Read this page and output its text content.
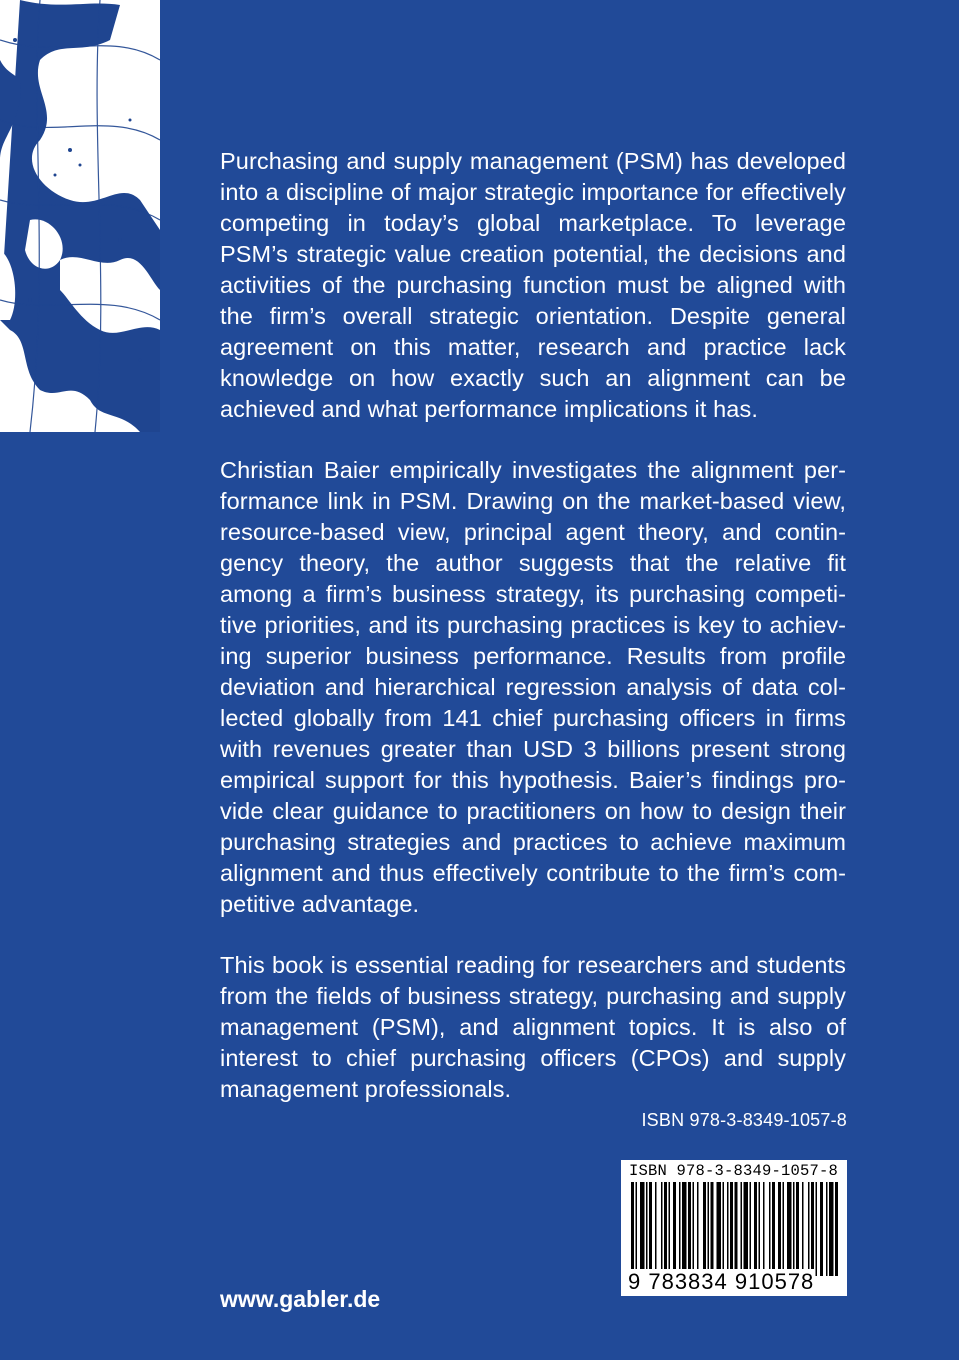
Purchasing and supply management (PSM) has developed into a discipline of major strategic importance for effectively competing in today’s global marketplace. To leverage PSM’s strategic value creation potential, the decisions and activities of the purchasing function must be aligned with the firm’s overall strategic orientation. Despite general agreement on this matter, research and practice lack knowledge on how exactly such an alignment can be achieved and what performance implications it has.

Christian Baier empirically investigates the alignment performance link in PSM. Drawing on the market-based view, resource-based view, principal agent theory, and contingency theory, the author suggests that the relative fit among a firm’s business strategy, its purchasing competitive priorities, and its purchasing practices is key to achieving superior business performance. Results from profile deviation and hierarchical regression analysis of data collected globally from 141 chief purchasing officers in firms with revenues greater than USD 3 billions present strong empirical support for this hypothesis. Baier’s findings provide clear guidance to practitioners on how to design their purchasing strategies and practices to achieve maximum alignment and thus effectively contribute to the firm’s competitive advantage.

This book is essential reading for researchers and students from the fields of business strategy, purchasing and supply management (PSM), and alignment topics. It is also of interest to chief purchasing officers (CPOs) and supply management professionals.

ISBN 978-3-8349-1057-8
ISBN 978-3-8349-1057-8
9 783834 910578
www.gabler.de
